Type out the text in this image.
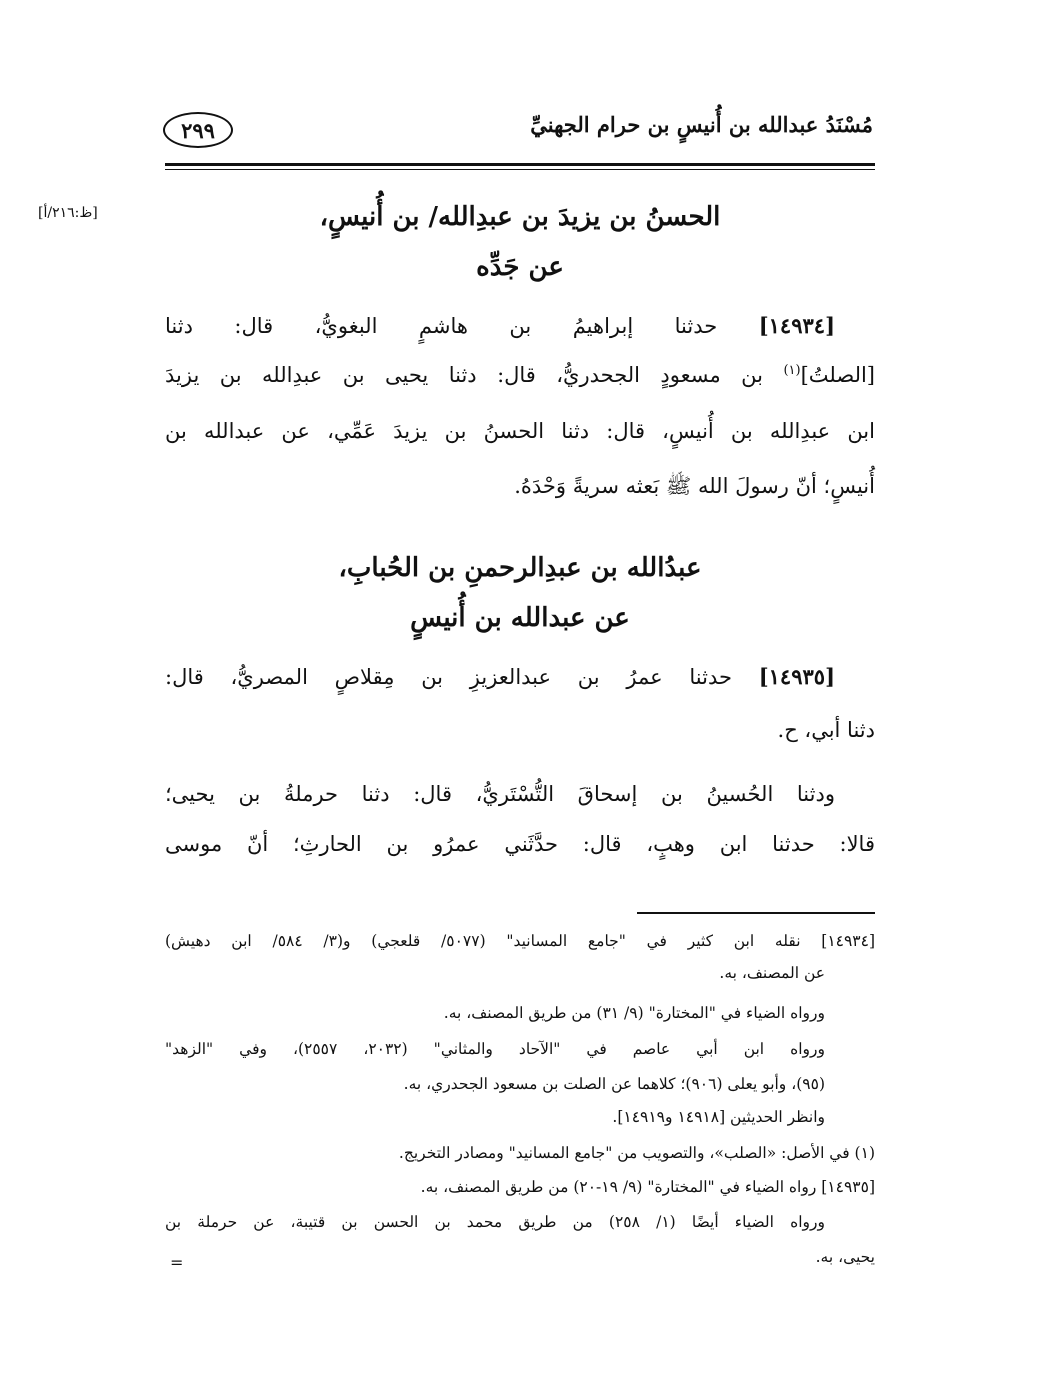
مُسْنَدُ عبدالله بن أُنيسٍ بن حرام الجهنيِّ
٢٩٩
[ظ:٢١٦/أ]	الحسنُ بن يزيدَ بن عبدِالله/ بن أُنيسٍ،
عن جَدِّه
[١٤٩٣٤] حدثنا إبراهيمُ بن هاشمٍ البغويُّ، قال: دثنا
[الصلتُ]$^{(١)}$ بن مسعودٍ الجحدريُّ، قال: دثنا يحيى بن عبدِالله بن يزيدَ
ابن عبدِالله بن أُنيسٍ، قال: دثنا الحسنُ بن يزيدَ عَمِّي، عن عبدالله بن
أُنيسٍ؛ أنّ رسولَ الله ﷺ بَعثه سريةً وَحْدَهُ.
عبدُالله بن عبدِالرحمنِ بن الحُبابِ،
عن عبدالله بن أُنيسٍ
[١٤٩٣٥] حدثنا عمرُ بن عبدالعزيزِ بن مِقلاصٍ المصريُّ، قال:
دثنا أبي، ح.
ودثنا الحُسينُ بن إسحاقَ التُّسْتَريُّ، قال: دثنا حرملةُ بن يحيى؛
قالا: حدثنا ابن وهبٍ، قال: حدَّثَني عمرُو بن الحارثِ؛ أنّ موسى
[١٤٩٣٤] نقله ابن كثير في "جامع المسانيد" (٥٠٧٧/ قلعجي) و(٣/ ٥٨٤/ ابن دهيش)
عن المصنف، به.
ورواه الضياء في "المختارة" (٩/ ٣١) من طريق المصنف، به.
ورواه ابن أبي عاصم في "الآحاد والمثاني" (٢٠٣٢، ٢٥٥٧)، وفي "الزهد"
(٩٥)، وأبو يعلى (٩٠٦)؛ كلاهما عن الصلت بن مسعود الجحدري، به.
وانظر الحديثين [١٤٩١٨ و١٤٩١٩].
(١) في الأصل: «الصلب»، والتصويب من "جامع المسانيد" ومصادر التخريج.
[١٤٩٣٥] رواه الضياء في "المختارة" (٩/ ١٩-٢٠) من طريق المصنف، به.
ورواه الضياء أيضًا (١/ ٢٥٨) من طريق محمد بن الحسن بن قتيبة، عن حرملة بن
يحيى، به.
=
